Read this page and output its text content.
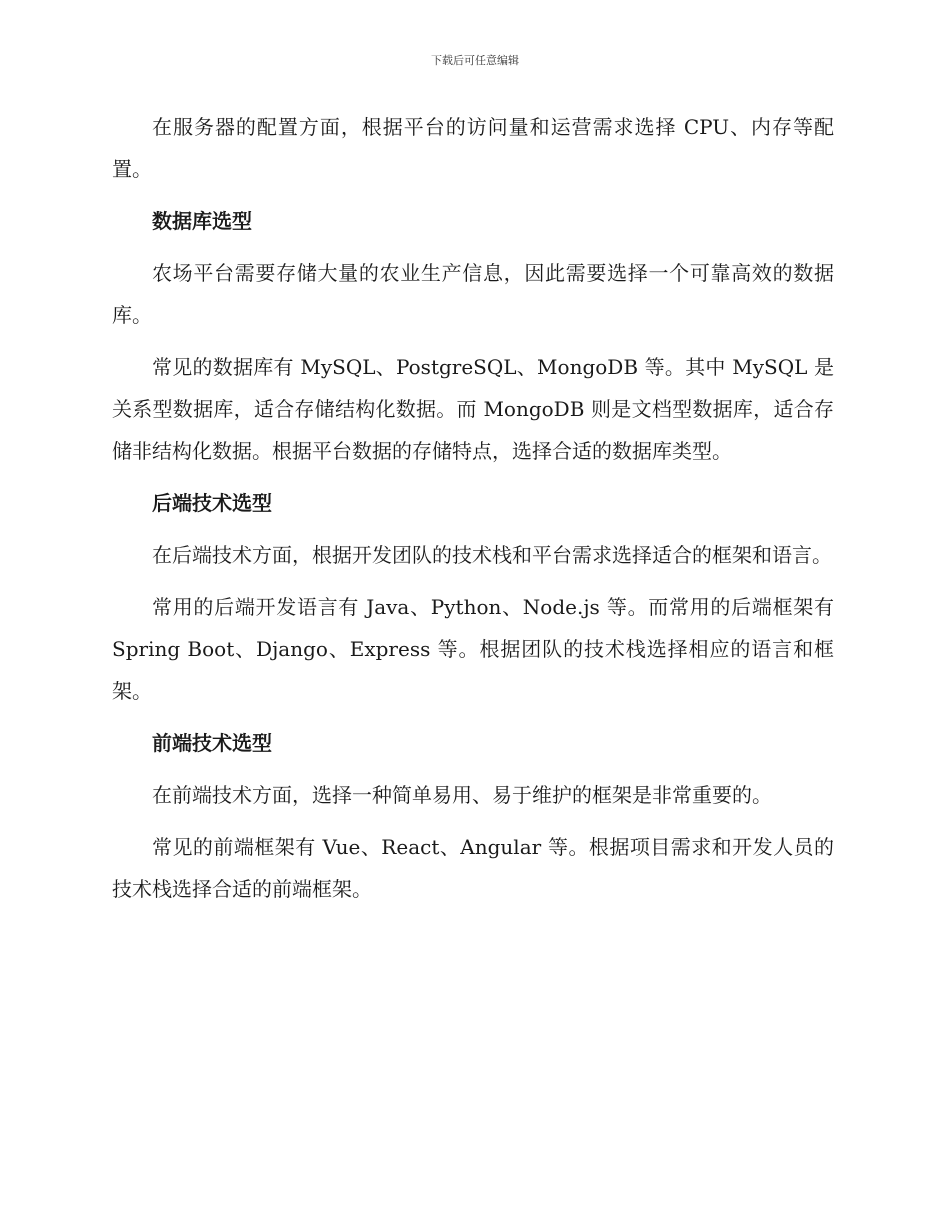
下载后可任意编辑

在服务器的配置方面，根据平台的访问量和运营需求选择 CPU、内存等配置。

数据库选型

农场平台需要存储大量的农业生产信息，因此需要选择一个可靠高效的数据库。

常见的数据库有 MySQL、PostgreSQL、MongoDB 等。其中 MySQL 是关系型数据库，适合存储结构化数据。而 MongoDB 则是文档型数据库，适合存储非结构化数据。根据平台数据的存储特点，选择合适的数据库类型。

后端技术选型

在后端技术方面，根据开发团队的技术栈和平台需求选择适合的框架和语言。

常用的后端开发语言有 Java、Python、Node.js 等。而常用的后端框架有 Spring Boot、Django、Express 等。根据团队的技术栈选择相应的语言和框架。

前端技术选型

在前端技术方面，选择一种简单易用、易于维护的框架是非常重要的。

常见的前端框架有 Vue、React、Angular 等。根据项目需求和开发人员的技术栈选择合适的前端框架。
